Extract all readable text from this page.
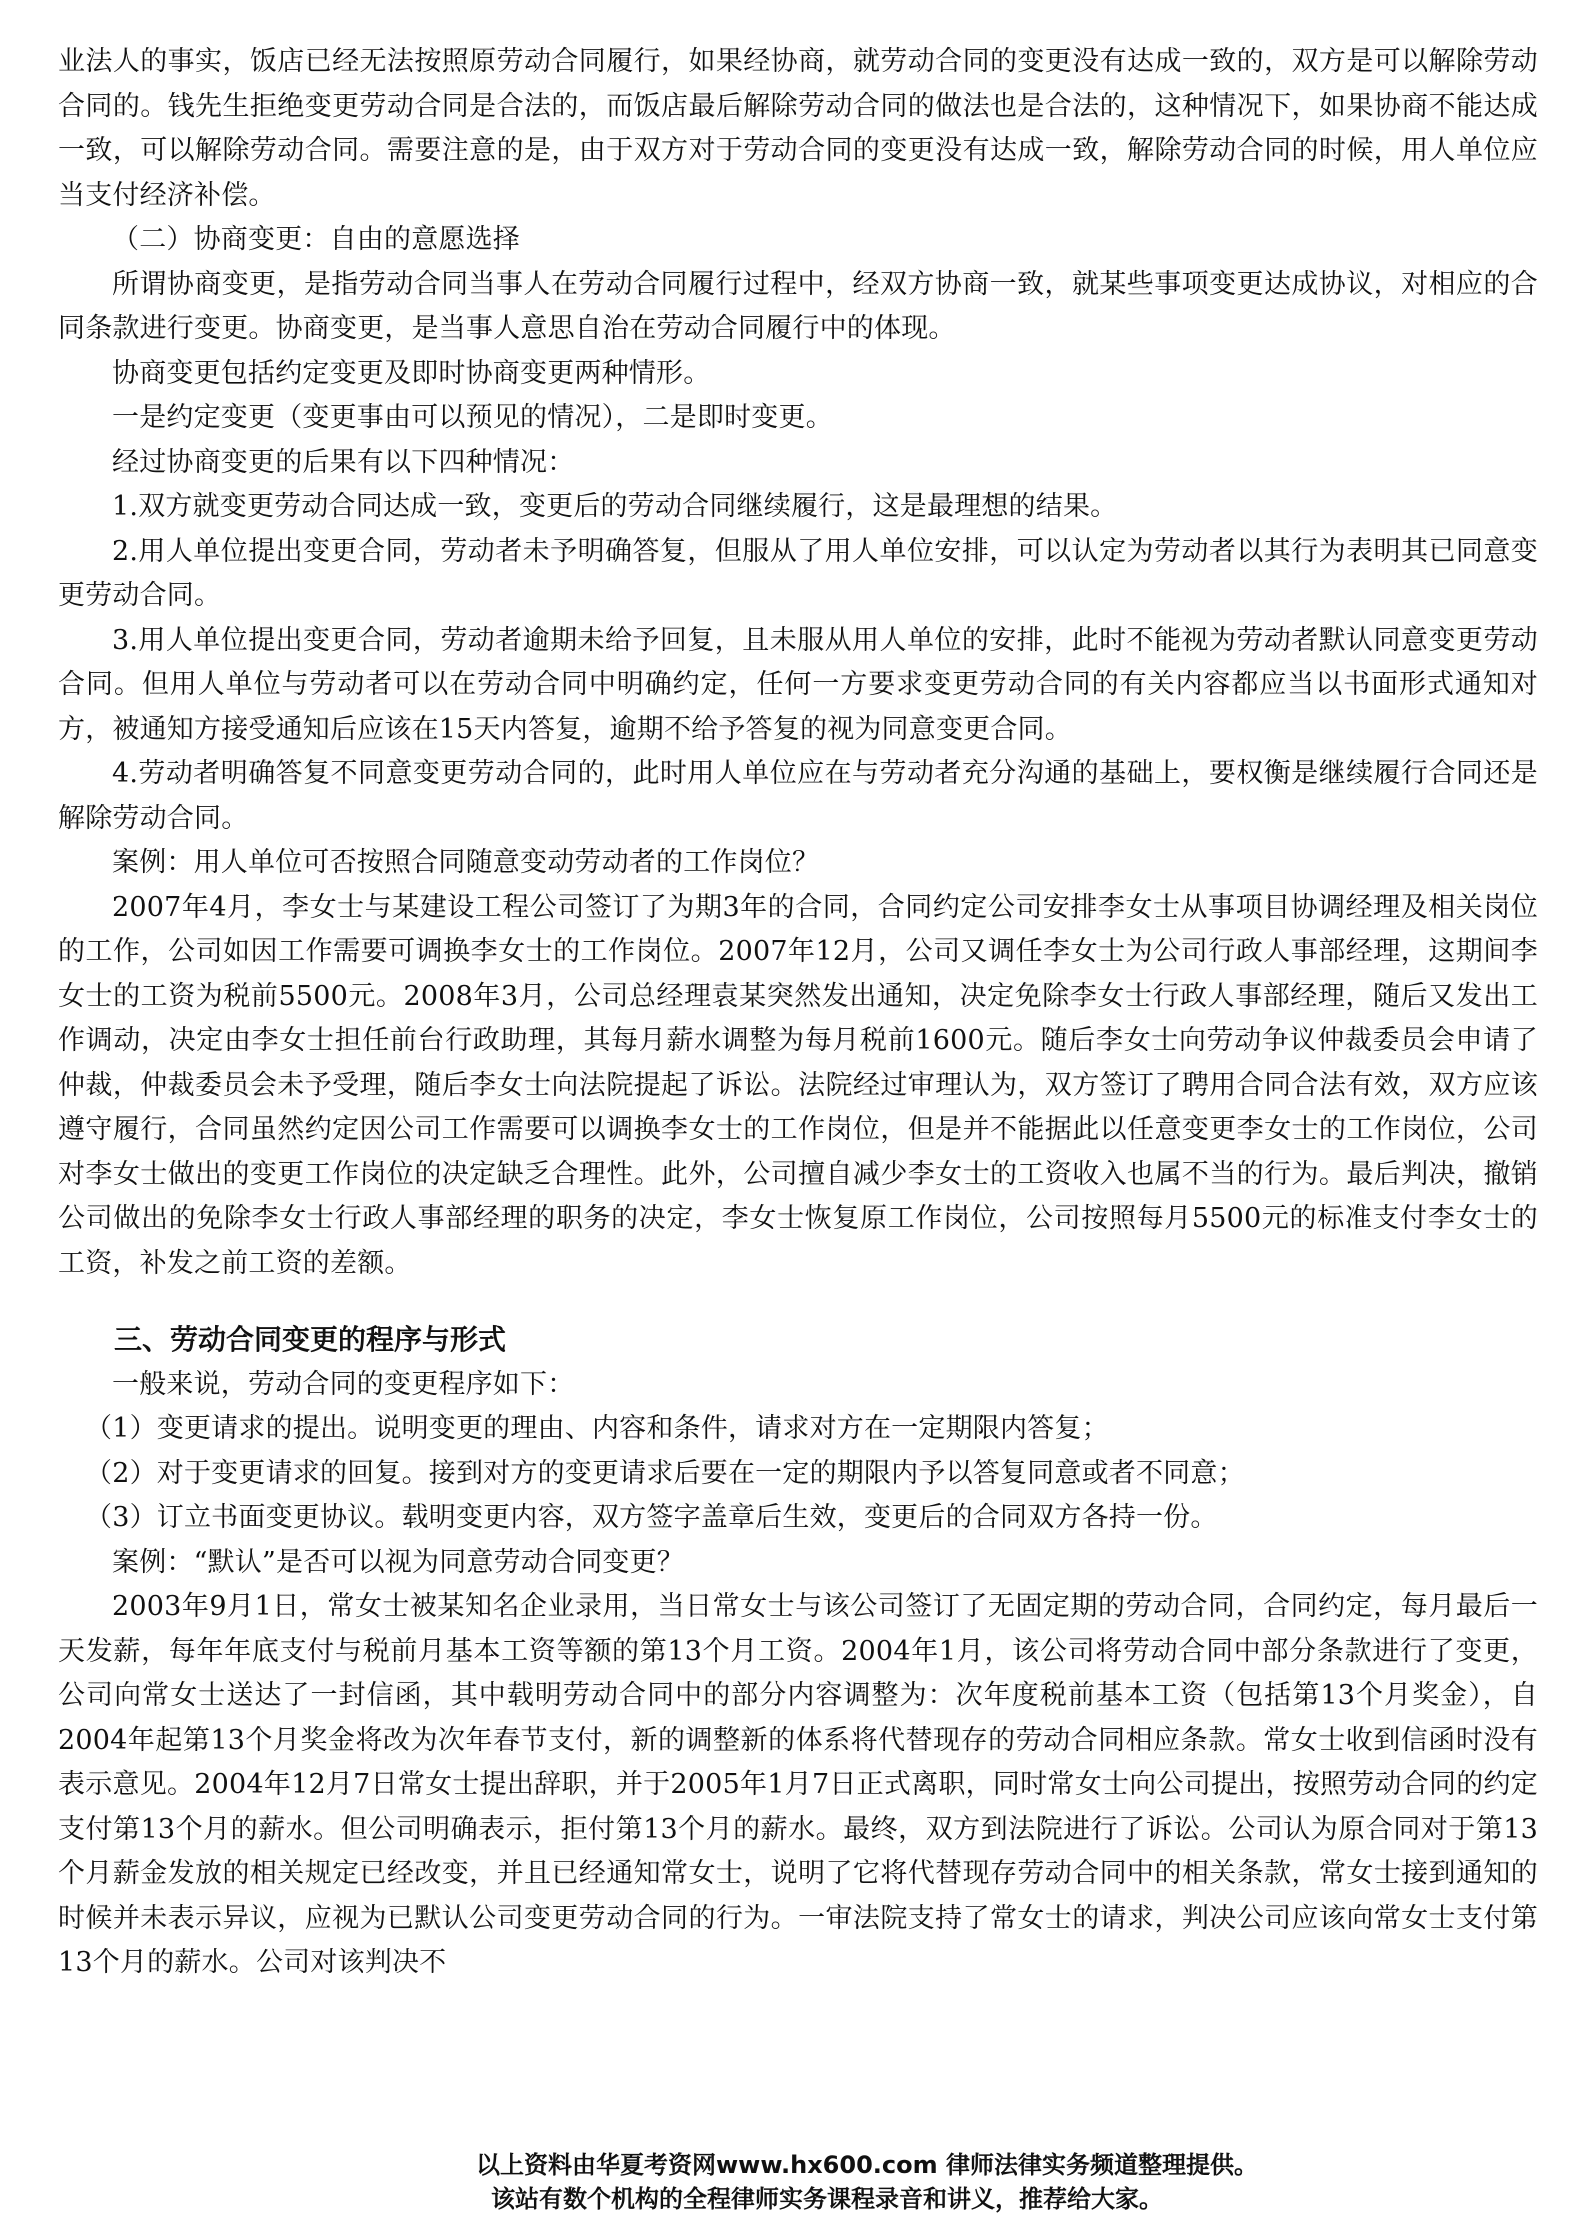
业法人的事实，饭店已经无法按照原劳动合同履行，如果经协商，就劳动合同的变更没有达成一致的，双方是可以解除劳动合同的。钱先生拒绝变更劳动合同是合法的，而饭店最后解除劳动合同的做法也是合法的，这种情况下，如果协商不能达成一致，可以解除劳动合同。需要注意的是，由于双方对于劳动合同的变更没有达成一致，解除劳动合同的时候，用人单位应当支付经济补偿。

（二）协商变更：自由的意愿选择

所谓协商变更，是指劳动合同当事人在劳动合同履行过程中，经双方协商一致，就某些事项变更达成协议，对相应的合同条款进行变更。协商变更，是当事人意思自治在劳动合同履行中的体现。

协商变更包括约定变更及即时协商变更两种情形。

一是约定变更（变更事由可以预见的情况），二是即时变更。

经过协商变更的后果有以下四种情况：

1.双方就变更劳动合同达成一致，变更后的劳动合同继续履行，这是最理想的结果。

2.用人单位提出变更合同，劳动者未予明确答复，但服从了用人单位安排，可以认定为劳动者以其行为表明其已同意变更劳动合同。

3.用人单位提出变更合同，劳动者逾期未给予回复，且未服从用人单位的安排，此时不能视为劳动者默认同意变更劳动合同。但用人单位与劳动者可以在劳动合同中明确约定，任何一方要求变更劳动合同的有关内容都应当以书面形式通知对方，被通知方接受通知后应该在15天内答复，逾期不给予答复的视为同意变更合同。

4.劳动者明确答复不同意变更劳动合同的，此时用人单位应在与劳动者充分沟通的基础上，要权衡是继续履行合同还是解除劳动合同。

案例：用人单位可否按照合同随意变动劳动者的工作岗位？

2007年4月，李女士与某建设工程公司签订了为期3年的合同，合同约定公司安排李女士从事项目协调经理及相关岗位的工作，公司如因工作需要可调换李女士的工作岗位。2007年12月，公司又调任李女士为公司行政人事部经理，这期间李女士的工资为税前5500元。2008年3月，公司总经理袁某突然发出通知，决定免除李女士行政人事部经理，随后又发出工作调动，决定由李女士担任前台行政助理，其每月薪水调整为每月税前1600元。随后李女士向劳动争议仲裁委员会申请了仲裁，仲裁委员会未予受理，随后李女士向法院提起了诉讼。法院经过审理认为，双方签订了聘用合同合法有效，双方应该遵守履行，合同虽然约定因公司工作需要可以调换李女士的工作岗位，但是并不能据此以任意变更李女士的工作岗位，公司对李女士做出的变更工作岗位的决定缺乏合理性。此外，公司擅自减少李女士的工资收入也属不当的行为。最后判决，撤销公司做出的免除李女士行政人事部经理的职务的决定，李女士恢复原工作岗位，公司按照每月5500元的标准支付李女士的工资，补发之前工资的差额。

三、劳动合同变更的程序与形式

一般来说，劳动合同的变更程序如下：

（1）变更请求的提出。说明变更的理由、内容和条件，请求对方在一定期限内答复；

（2）对于变更请求的回复。接到对方的变更请求后要在一定的期限内予以答复同意或者不同意；

（3）订立书面变更协议。载明变更内容，双方签字盖章后生效，变更后的合同双方各持一份。

案例：“默认”是否可以视为同意劳动合同变更？

2003年9月1日，常女士被某知名企业录用，当日常女士与该公司签订了无固定期的劳动合同，合同约定，每月最后一天发薪，每年年底支付与税前月基本工资等额的第13个月工资。2004年1月，该公司将劳动合同中部分条款进行了变更，公司向常女士送达了一封信函，其中载明劳动合同中的部分内容调整为：次年度税前基本工资（包括第13个月奖金），自2004年起第13个月奖金将改为次年春节支付，新的调整新的体系将代替现存的劳动合同相应条款。常女士收到信函时没有表示意见。2004年12月7日常女士提出辞职，并于2005年1月7日正式离职，同时常女士向公司提出，按照劳动合同的约定支付第13个月的薪水。但公司明确表示，拒付第13个月的薪水。最终，双方到法院进行了诉讼。公司认为原合同对于第13个月薪金发放的相关规定已经改变，并且已经通知常女士，说明了它将代替现存劳动合同中的相关条款，常女士接到通知的时候并未表示异议，应视为已默认公司变更劳动合同的行为。一审法院支持了常女士的请求，判决公司应该向常女士支付第13个月的薪水。公司对该判决不

以上资料由华夏考资网www.hx600.com 律师法律实务频道整理提供。
该站有数个机构的全程律师实务课程录音和讲义，推荐给大家。
